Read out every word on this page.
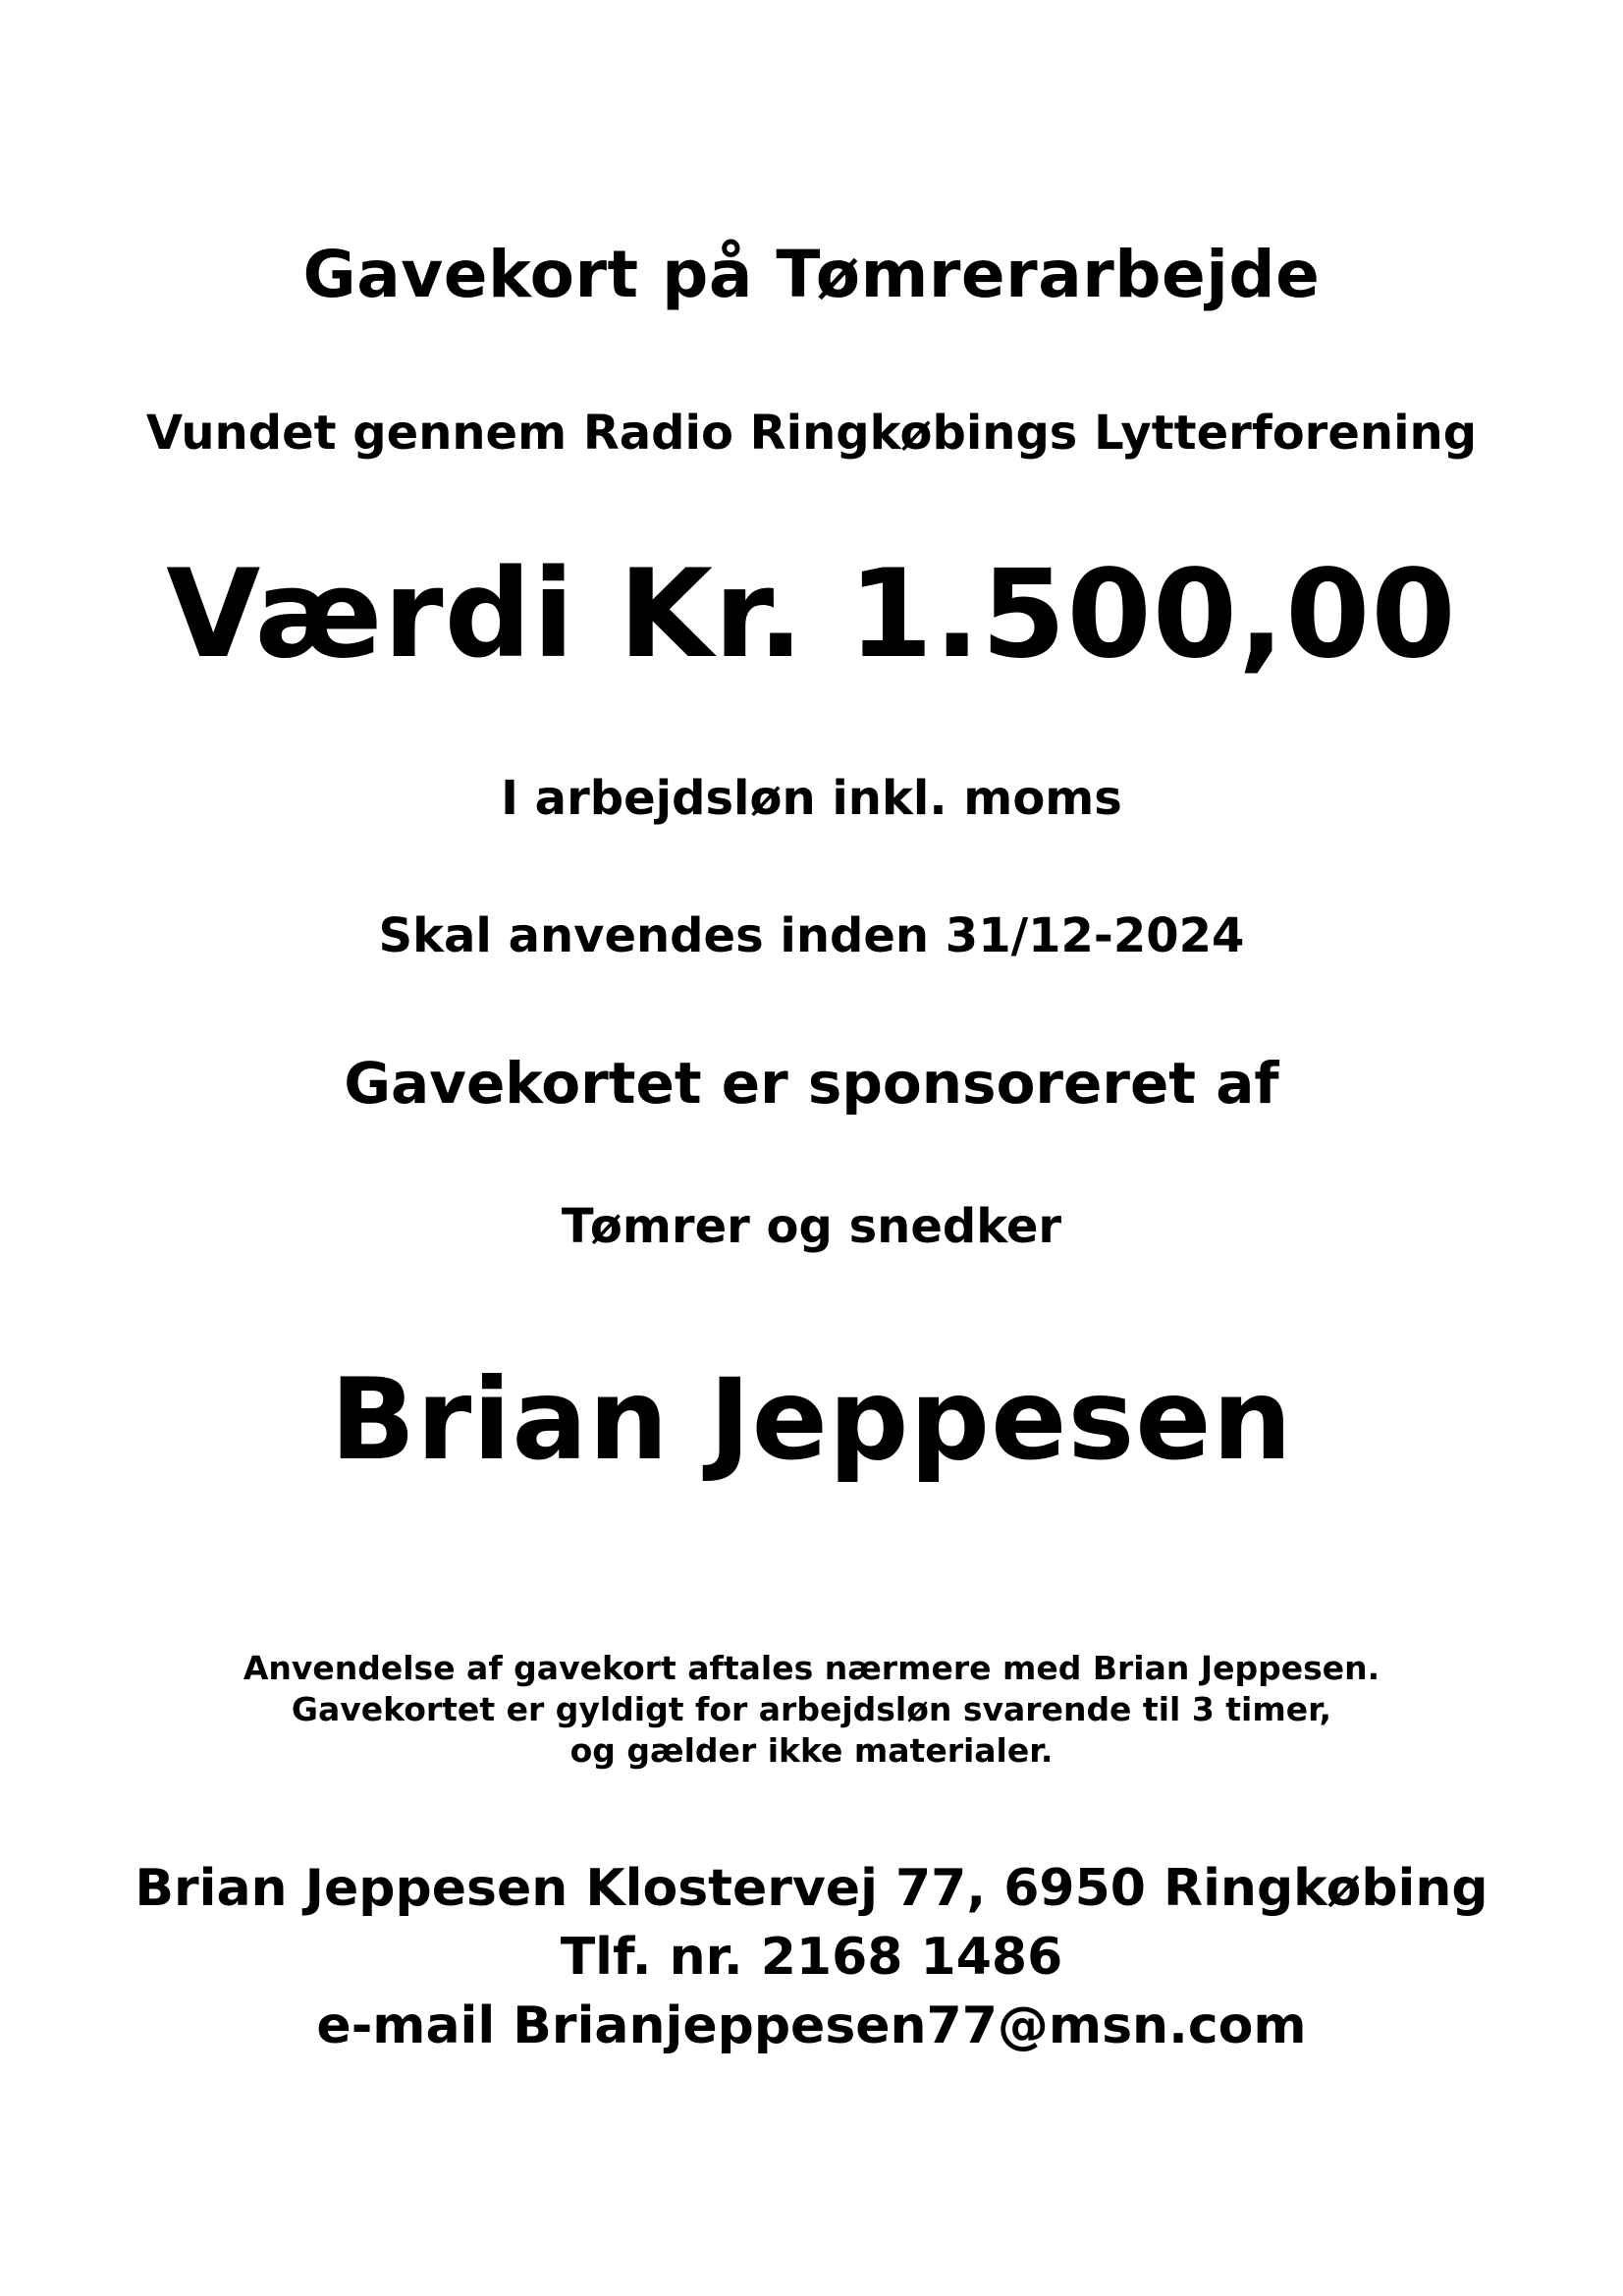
Gavekort på Tømrerarbejde

Vundet gennem Radio Ringkøbings Lytterforening

Værdi Kr. 1.500,00

I arbejdsløn inkl. moms

Skal anvendes inden 31/12-2024

Gavekortet er sponsoreret af

Tømrer og snedker

Brian Jeppesen

Anvendelse af gavekort aftales nærmere med Brian Jeppesen.
Gavekortet er gyldigt for arbejdsløn svarende til 3 timer,
og gælder ikke materialer.
Brian Jeppesen Klostervej 77, 6950 Ringkøbing
Tlf. nr. 2168 1486
e-mail Brianjeppesen77@msn.com
